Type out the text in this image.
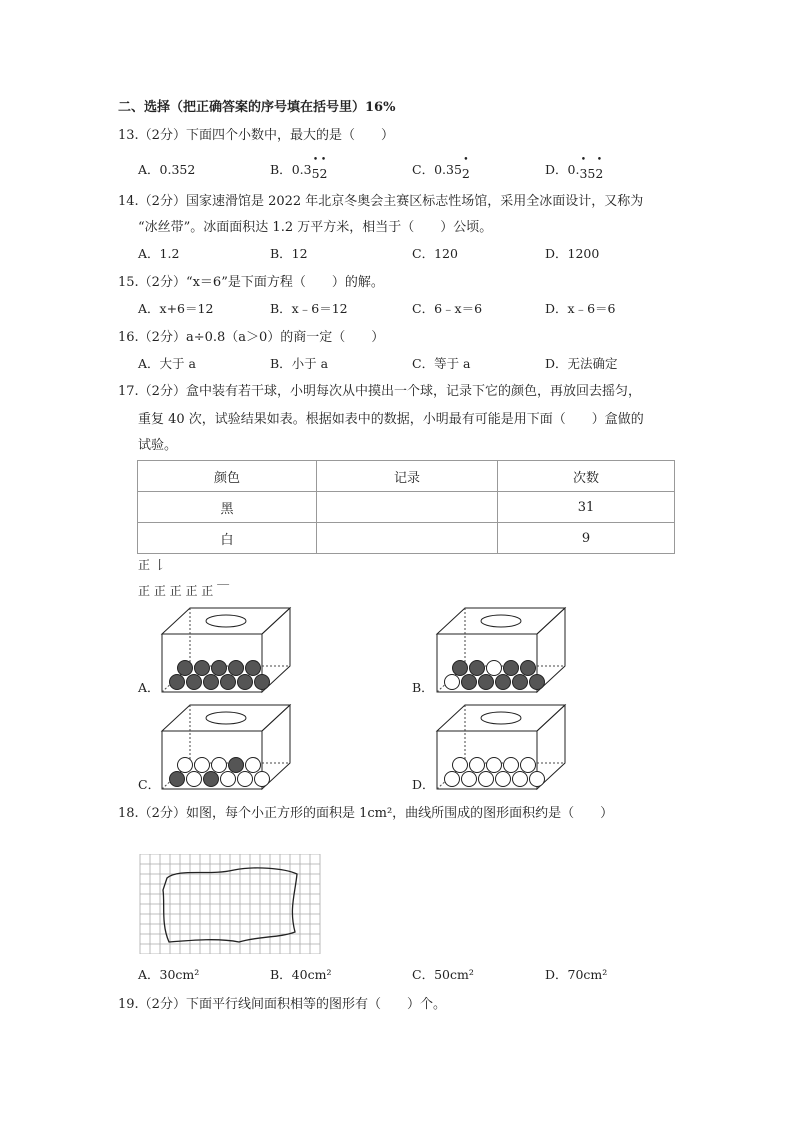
二、选择（把正确答案的序号填在括号里）16%
13.（2分）下面四个小数中，最大的是（　　）
A．0.352	B．0.35 •2 •	C．0.352 •	D．0.3 •52 •
14.（2分）国家速滑馆是 2022 年北京冬奥会主赛区标志性场馆，采用全冰面设计，又称为
“冰丝带”。冰面面积达 1.2 万平方米，相当于（　　）公顷。
A．1.2	B．12	C．120	D．1200
15.（2分）“x＝6”是下面方程（　　）的解。
A．x+6＝12	B．x﹣6＝12	C．6﹣x＝6	D．x﹣6＝6
16.（2分）a÷0.8（a＞0）的商一定（　　）
A．大于 a	B．小于 a	C．等于 a	D．无法确定
17.（2分）盒中装有若干球，小明每次从中摸出一个球，记录下它的颜色，再放回去摇匀，
重复 40 次，试验结果如表。根据如表中的数据，小明最有可能是用下面（　　）盒做的
试验。
颜色	记录	次数
黑		31
白		9
正 𠄌
正 正 正 正 正 ￣
A．	B．
C．	D．
18.（2分）如图，每个小正方形的面积是 1cm²，曲线所围成的图形面积约是（　　）
A．30cm²	B．40cm²	C．50cm²	D．70cm²
19.（2分）下面平行线间面积相等的图形有（　　）个。
